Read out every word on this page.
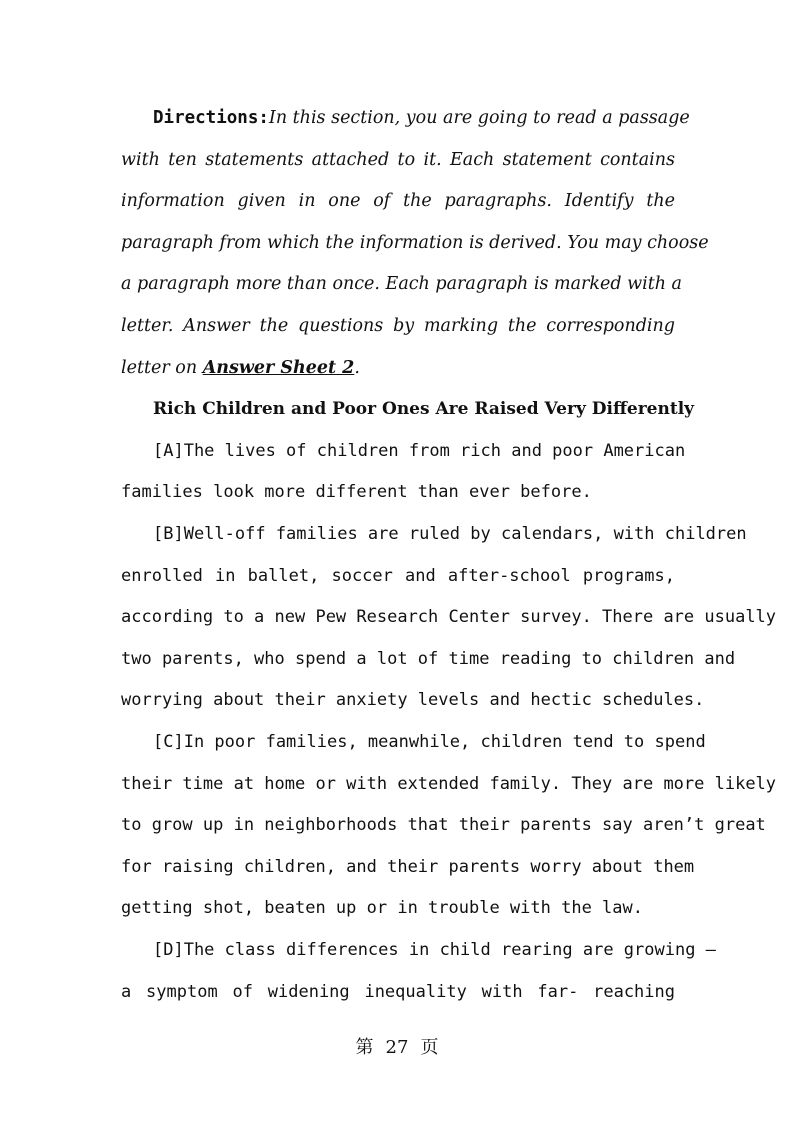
Directions:In this section, you are going to read a passage
with ten statements attached to it. Each statement contains
information given in one of the paragraphs. Identify the
paragraph from which the information is derived. You may choose
a paragraph more than once. Each paragraph is marked with a
letter. Answer the questions by marking the corresponding
letter on Answer Sheet 2.
Rich Children and Poor Ones Are Raised Very Differently
[A]The lives of children from rich and poor American
families look more different than ever before.
[B]Well-off families are ruled by calendars, with children
enrolled in ballet, soccer and after-school programs,
according to a new Pew Research Center survey. There are usually
two parents, who spend a lot of time reading to children and
worrying about their anxiety levels and hectic schedules.
[C]In poor families, meanwhile, children tend to spend
their time at home or with extended family. They are more likely
to grow up in neighborhoods that their parents say aren’t great
for raising children, and their parents worry about them
getting shot, beaten up or in trouble with the law.
[D]The class differences in child rearing are growing —
a symptom of widening inequality with far- reaching
第 27 页
